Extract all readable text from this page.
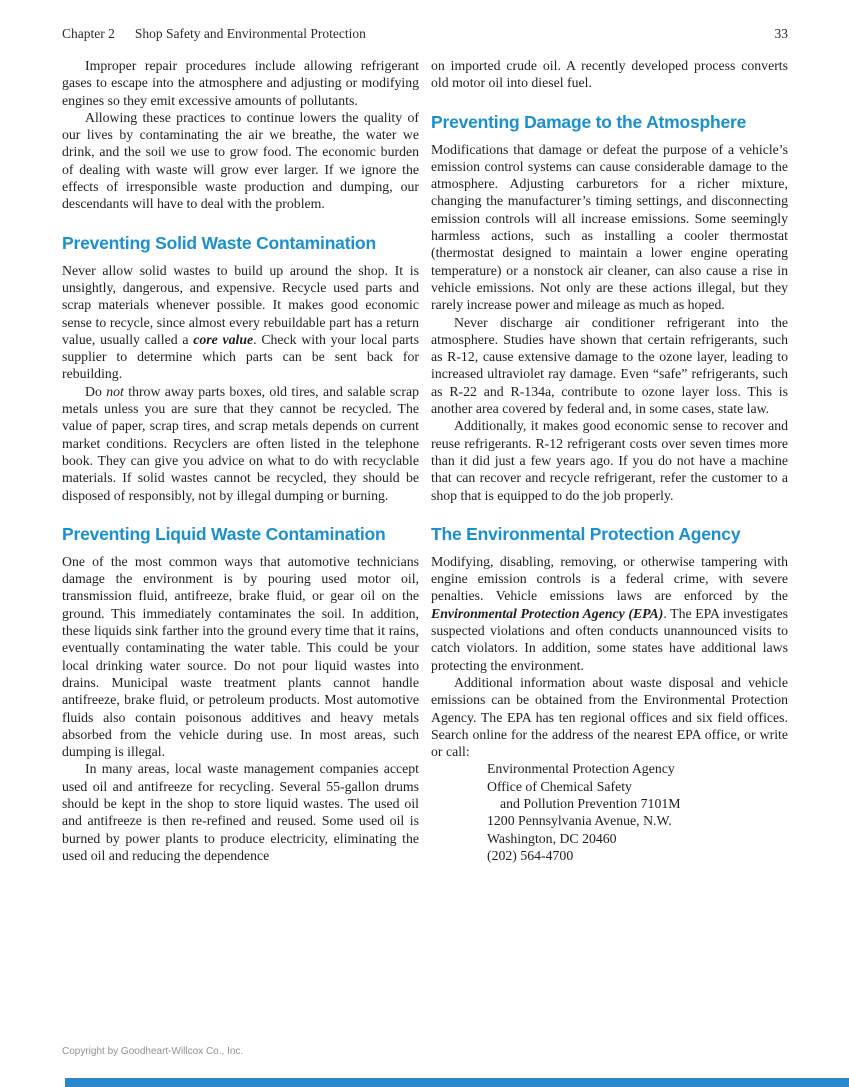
Chapter 2 Shop Safety and Environmental Protection	33

Improper repair procedures include allowing refrigerant gases to escape into the atmosphere and adjusting or modifying engines so they emit excessive amounts of pollutants.

Allowing these practices to continue lowers the quality of our lives by contaminating the air we breathe, the water we drink, and the soil we use to grow food. The economic burden of dealing with waste will grow ever larger. If we ignore the effects of irresponsible waste production and dumping, our descendants will have to deal with the problem.

Preventing Solid Waste Contamination

Never allow solid wastes to build up around the shop. It is unsightly, dangerous, and expensive. Recycle used parts and scrap materials whenever possible. It makes good economic sense to recycle, since almost every rebuildable part has a return value, usually called a core value. Check with your local parts supplier to determine which parts can be sent back for rebuilding.

Do not throw away parts boxes, old tires, and salable scrap metals unless you are sure that they cannot be recycled. The value of paper, scrap tires, and scrap metals depends on current market conditions. Recyclers are often listed in the telephone book. They can give you advice on what to do with recyclable materials. If solid wastes cannot be recycled, they should be disposed of responsibly, not by illegal dumping or burning.

Preventing Liquid Waste Contamination

One of the most common ways that automotive technicians damage the environment is by pouring used motor oil, transmission fluid, antifreeze, brake fluid, or gear oil on the ground. This immediately contaminates the soil. In addition, these liquids sink farther into the ground every time that it rains, eventually contaminating the water table. This could be your local drinking water source. Do not pour liquid wastes into drains. Municipal waste treatment plants cannot handle antifreeze, brake fluid, or petroleum products. Most automotive fluids also contain poisonous additives and heavy metals absorbed from the vehicle during use. In most areas, such dumping is illegal.

In many areas, local waste management companies accept used oil and antifreeze for recycling. Several 55-gallon drums should be kept in the shop to store liquid wastes. The used oil and antifreeze is then re-refined and reused. Some used oil is burned by power plants to produce electricity, eliminating the used oil and reducing the dependence

on imported crude oil. A recently developed process converts old motor oil into diesel fuel.

Preventing Damage to the Atmosphere

Modifications that damage or defeat the purpose of a vehicle’s emission control systems can cause considerable damage to the atmosphere. Adjusting carburetors for a richer mixture, changing the manufacturer’s timing settings, and disconnecting emission controls will all increase emissions. Some seemingly harmless actions, such as installing a cooler thermostat (thermostat designed to maintain a lower engine operating temperature) or a nonstock air cleaner, can also cause a rise in vehicle emissions. Not only are these actions illegal, but they rarely increase power and mileage as much as hoped.

Never discharge air conditioner refrigerant into the atmosphere. Studies have shown that certain refrigerants, such as R-12, cause extensive damage to the ozone layer, leading to increased ultraviolet ray damage. Even “safe” refrigerants, such as R-22 and R-134a, contribute to ozone layer loss. This is another area covered by federal and, in some cases, state law.

Additionally, it makes good economic sense to recover and reuse refrigerants. R-12 refrigerant costs over seven times more than it did just a few years ago. If you do not have a machine that can recover and recycle refrigerant, refer the customer to a shop that is equipped to do the job properly.

The Environmental Protection Agency

Modifying, disabling, removing, or otherwise tampering with engine emission controls is a federal crime, with severe penalties. Vehicle emissions laws are enforced by the Environmental Protection Agency (EPA). The EPA investigates suspected violations and often conducts unannounced visits to catch violators. In addition, some states have additional laws protecting the environment.

Additional information about waste disposal and vehicle emissions can be obtained from the Environmental Protection Agency. The EPA has ten regional offices and six field offices. Search online for the address of the nearest EPA office, or write or call:

Environmental Protection Agency

Office of Chemical Safety

and Pollution Prevention 7101M

1200 Pennsylvania Avenue, N.W.

Washington, DC 20460

(202) 564-4700

Copyright by Goodheart-Willcox Co., Inc.
